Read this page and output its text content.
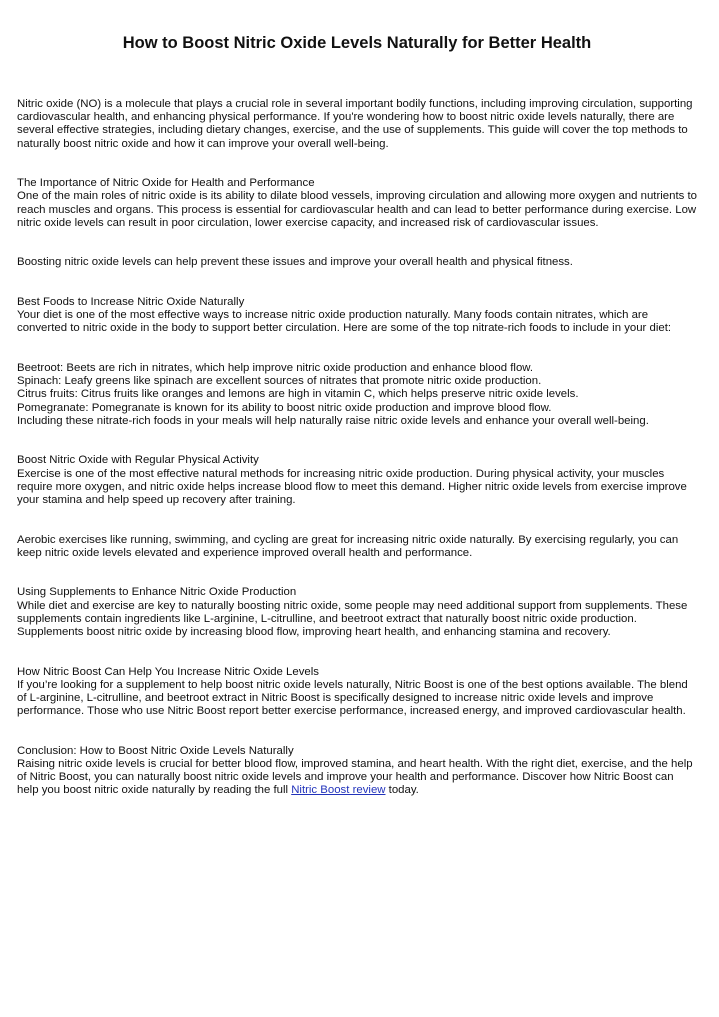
How to Boost Nitric Oxide Levels Naturally for Better Health

Nitric oxide (NO) is a molecule that plays a crucial role in several important bodily functions, including improving circulation, supporting cardiovascular health, and enhancing physical performance. If you're wondering how to boost nitric oxide levels naturally, there are several effective strategies, including dietary changes, exercise, and the use of supplements. This guide will cover the top methods to naturally boost nitric oxide and how it can improve your overall well-being.

The Importance of Nitric Oxide for Health and Performance
One of the main roles of nitric oxide is its ability to dilate blood vessels, improving circulation and allowing more oxygen and nutrients to reach muscles and organs. This process is essential for cardiovascular health and can lead to better performance during exercise. Low nitric oxide levels can result in poor circulation, lower exercise capacity, and increased risk of cardiovascular issues.

Boosting nitric oxide levels can help prevent these issues and improve your overall health and physical fitness.

Best Foods to Increase Nitric Oxide Naturally
Your diet is one of the most effective ways to increase nitric oxide production naturally. Many foods contain nitrates, which are converted to nitric oxide in the body to support better circulation. Here are some of the top nitrate-rich foods to include in your diet:

Beetroot: Beets are rich in nitrates, which help improve nitric oxide production and enhance blood flow.
Spinach: Leafy greens like spinach are excellent sources of nitrates that promote nitric oxide production.
Citrus fruits: Citrus fruits like oranges and lemons are high in vitamin C, which helps preserve nitric oxide levels.
Pomegranate: Pomegranate is known for its ability to boost nitric oxide production and improve blood flow.
Including these nitrate-rich foods in your meals will help naturally raise nitric oxide levels and enhance your overall well-being.

Boost Nitric Oxide with Regular Physical Activity
Exercise is one of the most effective natural methods for increasing nitric oxide production. During physical activity, your muscles require more oxygen, and nitric oxide helps increase blood flow to meet this demand. Higher nitric oxide levels from exercise improve your stamina and help speed up recovery after training.

Aerobic exercises like running, swimming, and cycling are great for increasing nitric oxide naturally. By exercising regularly, you can keep nitric oxide levels elevated and experience improved overall health and performance.

Using Supplements to Enhance Nitric Oxide Production
While diet and exercise are key to naturally boosting nitric oxide, some people may need additional support from supplements. These supplements contain ingredients like L-arginine, L-citrulline, and beetroot extract that naturally boost nitric oxide production. Supplements boost nitric oxide by increasing blood flow, improving heart health, and enhancing stamina and recovery.

How Nitric Boost Can Help You Increase Nitric Oxide Levels
If you’re looking for a supplement to help boost nitric oxide levels naturally, Nitric Boost is one of the best options available. The blend of L-arginine, L-citrulline, and beetroot extract in Nitric Boost is specifically designed to increase nitric oxide levels and improve performance. Those who use Nitric Boost report better exercise performance, increased energy, and improved cardiovascular health.

Conclusion: How to Boost Nitric Oxide Levels Naturally
Raising nitric oxide levels is crucial for better blood flow, improved stamina, and heart health. With the right diet, exercise, and the help of Nitric Boost, you can naturally boost nitric oxide levels and improve your health and performance. Discover how Nitric Boost can help you boost nitric oxide naturally by reading the full Nitric Boost review today.
